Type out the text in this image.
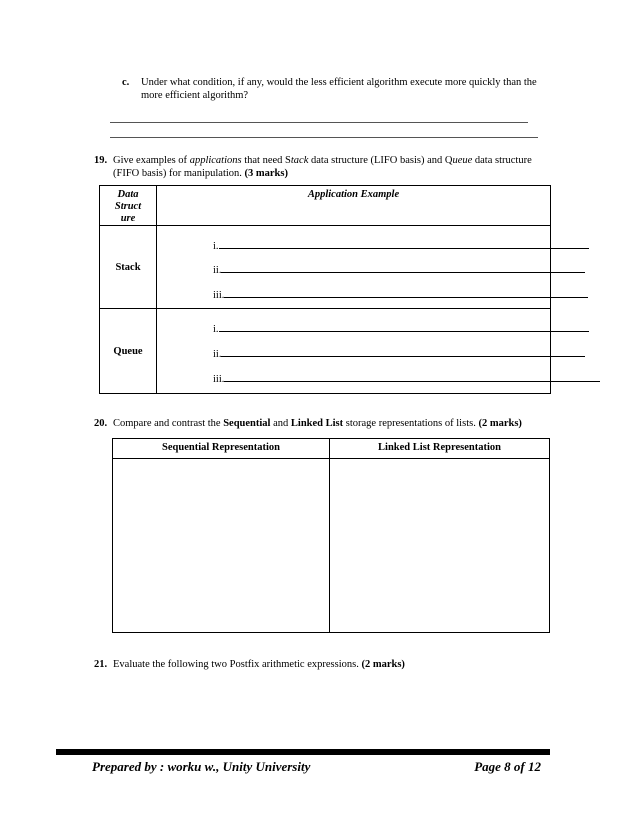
c. Under what condition, if any, would the less efficient algorithm execute more quickly than the
more efficient algorithm?
19. Give examples of applications that need Stack data structure (LIFO basis) and Queue data structure
(FIFO basis) for manipulation. (3 marks)
Data
Struct
ure	Application Example
Stack	i.
ii.
iii.

Queue	i.
ii.
iii.
20. Compare and contrast the Sequential and Linked List storage representations of lists. (2 marks)
Sequential Representation	Linked List Representation

21. Evaluate the following two Postfix arithmetic expressions. (2 marks)
Prepared by : worku w., Unity University	Page 8 of 12
